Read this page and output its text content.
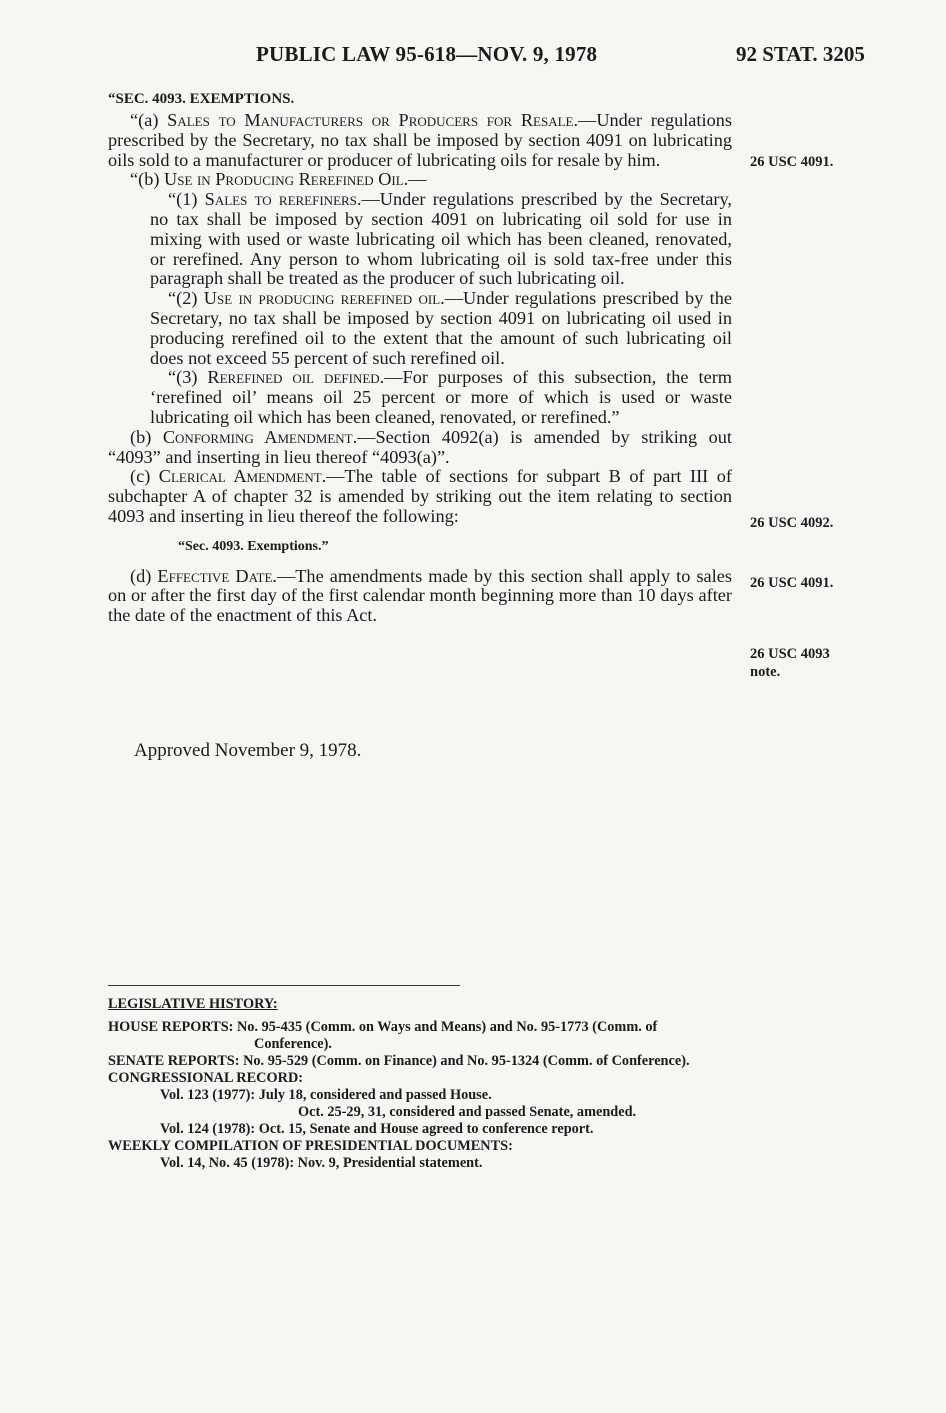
PUBLIC LAW 95-618—NOV. 9, 1978	92 STAT. 3205
“SEC. 4093. EXEMPTIONS.

“(a) Sales to Manufacturers or Producers for Resale.—Under regulations prescribed by the Secretary, no tax shall be imposed by section 4091 on lubricating oils sold to a manufacturer or producer of lubricating oils for resale by him.

“(b) Use in Producing Rerefined Oil.—

“(1) Sales to rerefiners.—Under regulations prescribed by the Secretary, no tax shall be imposed by section 4091 on lubricating oil sold for use in mixing with used or waste lubricating oil which has been cleaned, renovated, or rerefined. Any person to whom lubricating oil is sold tax-free under this paragraph shall be treated as the producer of such lubricating oil.

“(2) Use in producing rerefined oil.—Under regulations prescribed by the Secretary, no tax shall be imposed by section 4091 on lubricating oil used in producing rerefined oil to the extent that the amount of such lubricating oil does not exceed 55 percent of such rerefined oil.

“(3) Rerefined oil defined.—For purposes of this subsection, the term ‘rerefined oil’ means oil 25 percent or more of which is used or waste lubricating oil which has been cleaned, renovated, or rerefined.”

(b) Conforming Amendment.—Section 4092(a) is amended by striking out “4093” and inserting in lieu thereof “4093(a)”.

(c) Clerical Amendment.—The table of sections for subpart B of part III of subchapter A of chapter 32 is amended by striking out the item relating to section 4093 and inserting in lieu thereof the following:

“Sec. 4093. Exemptions.”

(d) Effective Date.—The amendments made by this section shall apply to sales on or after the first day of the first calendar month beginning more than 10 days after the date of the enactment of this Act.

Approved November 9, 1978.
26 USC 4091.
26 USC 4092.
26 USC 4091.
26 USC 4093
note.
LEGISLATIVE HISTORY:
HOUSE REPORTS: No. 95-435 (Comm. on Ways and Means) and No. 95-1773 (Comm. of Conference).
SENATE REPORTS: No. 95-529 (Comm. on Finance) and No. 95-1324 (Comm. of Conference).
CONGRESSIONAL RECORD:
Vol. 123 (1977): July 18, considered and passed House.
Oct. 25-29, 31, considered and passed Senate, amended.
Vol. 124 (1978): Oct. 15, Senate and House agreed to conference report.
WEEKLY COMPILATION OF PRESIDENTIAL DOCUMENTS:
Vol. 14, No. 45 (1978): Nov. 9, Presidential statement.
